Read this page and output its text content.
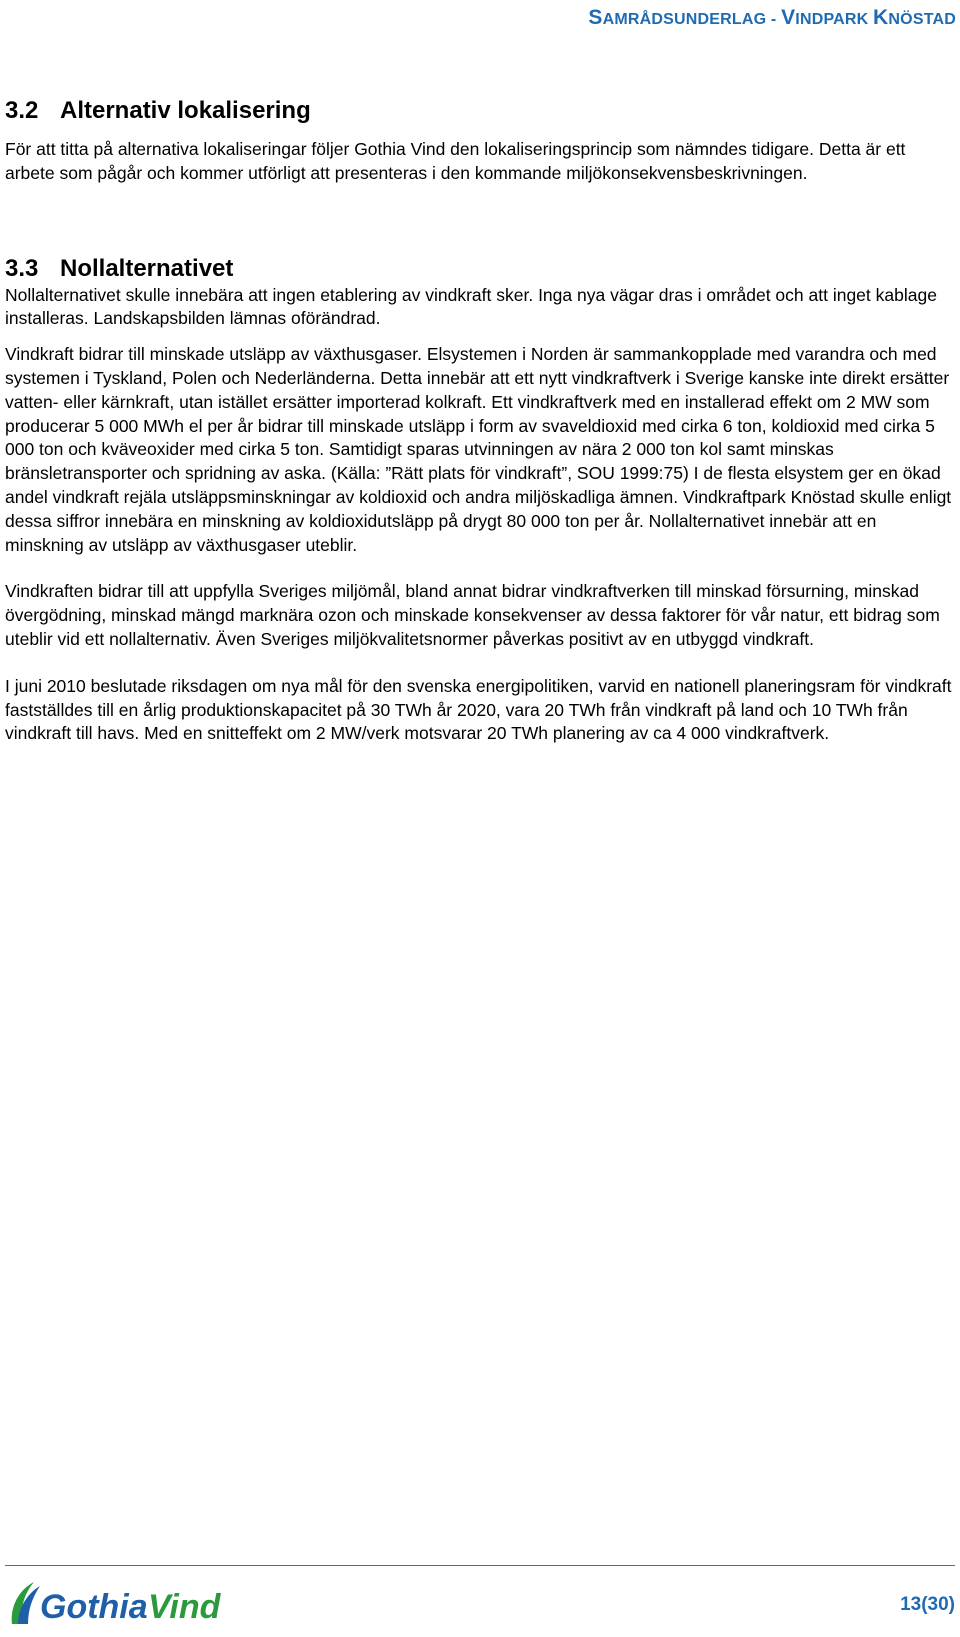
SAMRÅDSUNDERLAG - VINDPARK KNÖSTAD
3.2 Alternativ lokalisering

För att titta på alternativa lokaliseringar följer Gothia Vind den lokaliseringsprincip som nämndes tidigare. Detta är ett arbete som pågår och kommer utförligt att presenteras i den kommande miljökonsekvensbeskrivningen.

3.3 Nollalternativet

Nollalternativet skulle innebära att ingen etablering av vindkraft sker. Inga nya vägar dras i området och att inget kablage installeras. Landskapsbilden lämnas oförändrad.

Vindkraft bidrar till minskade utsläpp av växthusgaser. Elsystemen i Norden är sammankopplade med varandra och med systemen i Tyskland, Polen och Nederländerna. Detta innebär att ett nytt vindkraftverk i Sverige kanske inte direkt ersätter vatten- eller kärnkraft, utan istället ersätter importerad kolkraft. Ett vindkraftverk med en installerad effekt om 2 MW som producerar 5 000 MWh el per år bidrar till minskade utsläpp i form av svaveldioxid med cirka 6 ton, koldioxid med cirka 5 000 ton och kväveoxider med cirka 5 ton. Samtidigt sparas utvinningen av nära 2 000 ton kol samt minskas bränsletransporter och spridning av aska. (Källa: ”Rätt plats för vindkraft”, SOU 1999:75) I de flesta elsystem ger en ökad andel vindkraft rejäla utsläppsminskningar av koldioxid och andra miljöskadliga ämnen. Vindkraftpark Knöstad skulle enligt dessa siffror innebära en minskning av koldioxidutsläpp på drygt 80 000 ton per år. Nollalternativet innebär att en minskning av utsläpp av växthusgaser uteblir.

Vindkraften bidrar till att uppfylla Sveriges miljömål, bland annat bidrar vindkraftverken till minskad försurning, minskad övergödning, minskad mängd marknära ozon och minskade konsekvenser av dessa faktorer för vår natur, ett bidrag som uteblir vid ett nollalternativ. Även Sveriges miljökvalitetsnormer påverkas positivt av en utbyggd vindkraft.

I juni 2010 beslutade riksdagen om nya mål för den svenska energipolitiken, varvid en nationell planeringsram för vindkraft fastställdes till en årlig produktionskapacitet på 30 TWh år 2020, vara 20 TWh från vindkraft på land och 10 TWh från vindkraft till havs. Med en snitteffekt om 2 MW/verk motsvarar 20 TWh planering av ca 4 000 vindkraftverk.

Gothia Vind	13(30)
